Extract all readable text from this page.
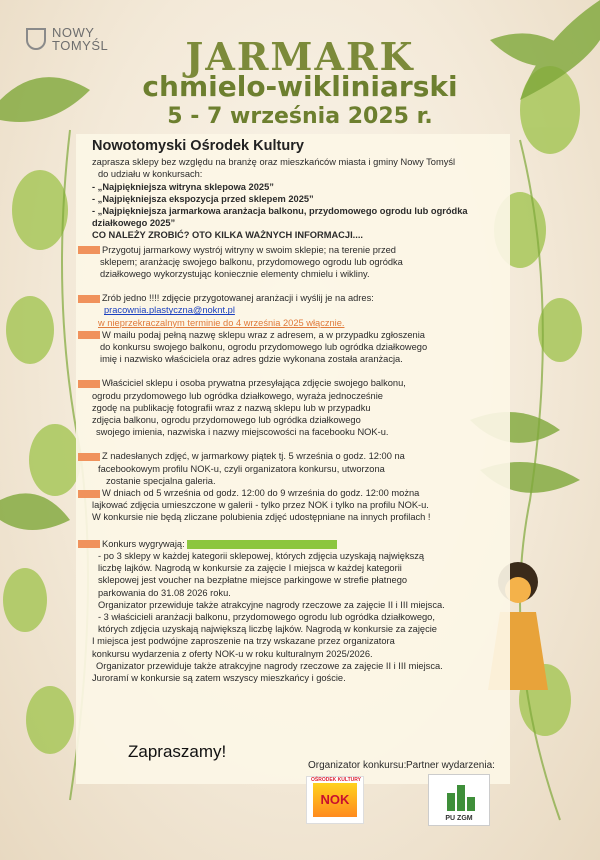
NOWY
TOMYŚL	JARMARK
chmielo-wikliniarski
5 - 7 września 2025 r.
Nowotomyski Ośrodek Kultury

zaprasza sklepy bez względu na branżę oraz mieszkańców miasta i gminy Nowy Tomyśl

do udziału w konkursach:

- „Najpiękniejsza witryna sklepowa 2025”

- „Najpiękniejsza ekspozycja przed sklepem 2025”

- „Najpiękniejsza jarmarkowa aranżacja balkonu, przydomowego ogrodu lub ogródka działkowego 2025”

CO NALEŻY ZROBIĆ? OTO KILKA WAŻNYCH INFORMACJI....

Przygotuj jarmarkowy wystrój witryny w swoim sklepie; na terenie przed

sklepem; aranżację swojego balkonu, przydomowego ogrodu lub ogródka

działkowego wykorzystując koniecznie elementy chmielu i wikliny.

Zrób jedno !!!! zdjęcie przygotowanej aranżacji i wyślij je na adres:

pracownia.plastyczna@noknt.pl

w nieprzekraczalnym terminie do 4 września 2025 włącznie.

W mailu podaj pełną nazwę sklepu wraz z adresem, a w przypadku zgłoszenia

do konkursu swojego balkonu, ogrodu przydomowego lub ogródka działkowego

imię i nazwisko właściciela oraz adres gdzie wykonana została aranżacja.

Właściciel sklepu i osoba prywatna przesyłająca zdjęcie swojego balkonu,

ogrodu przydomowego lub ogródka działkowego, wyraża jednocześnie

zgodę na publikację fotografii wraz z nazwą sklepu lub w przypadku

zdjęcia balkonu, ogrodu przydomowego lub ogródka działkowego

swojego imienia, nazwiska i nazwy miejscowości na facebooku NOK-u.

Z nadesłanych zdjęć, w jarmarkowy piątek tj. 5 września o godz. 12:00 na

facebookowym profilu NOK-u, czyli organizatora konkursu, utworzona

zostanie specjalna galeria.

W dniach od 5 września od godz. 12:00 do 9 września do godz. 12:00 można

lajkować zdjęcia umieszczone w galerii - tylko przez NOK i tylko na profilu NOK-u.

W konkursie nie będą zliczane polubienia zdjęć udostępniane na innych profilach !

Konkurs wygrywają:

- po 3 sklepy w każdej kategorii sklepowej, których zdjęcia uzyskają największą

liczbę lajków. Nagrodą w konkursie za zajęcie I miejsca w każdej kategorii

sklepowej jest voucher na bezpłatne miejsce parkingowe w strefie płatnego

parkowania do 31.08 2026 roku.

Organizator przewiduje także atrakcyjne nagrody rzeczowe za zajęcie II i III miejsca.

- 3 właścicieli aranżacji balkonu, przydomowego ogrodu lub ogródka działkowego,

których zdjęcia uzyskają największą liczbę lajków. Nagrodą w konkursie za zajęcie

I miejsca jest podwójne zaproszenie na trzy wskazane przez organizatora

konkursu wydarzenia z oferty NOK-u w roku kulturalnym 2025/2026.

Organizator przewiduje także atrakcyjne nagrody rzeczowe za zajęcie II i III miejsca.

Juroramí w konkursie są zatem wszyscy mieszkańcy i goście.

Zapraszamy!
Organizator konkursu: Partner wydarzenia:
OŚRODEK KULTURY
NOK
PU ZGM
